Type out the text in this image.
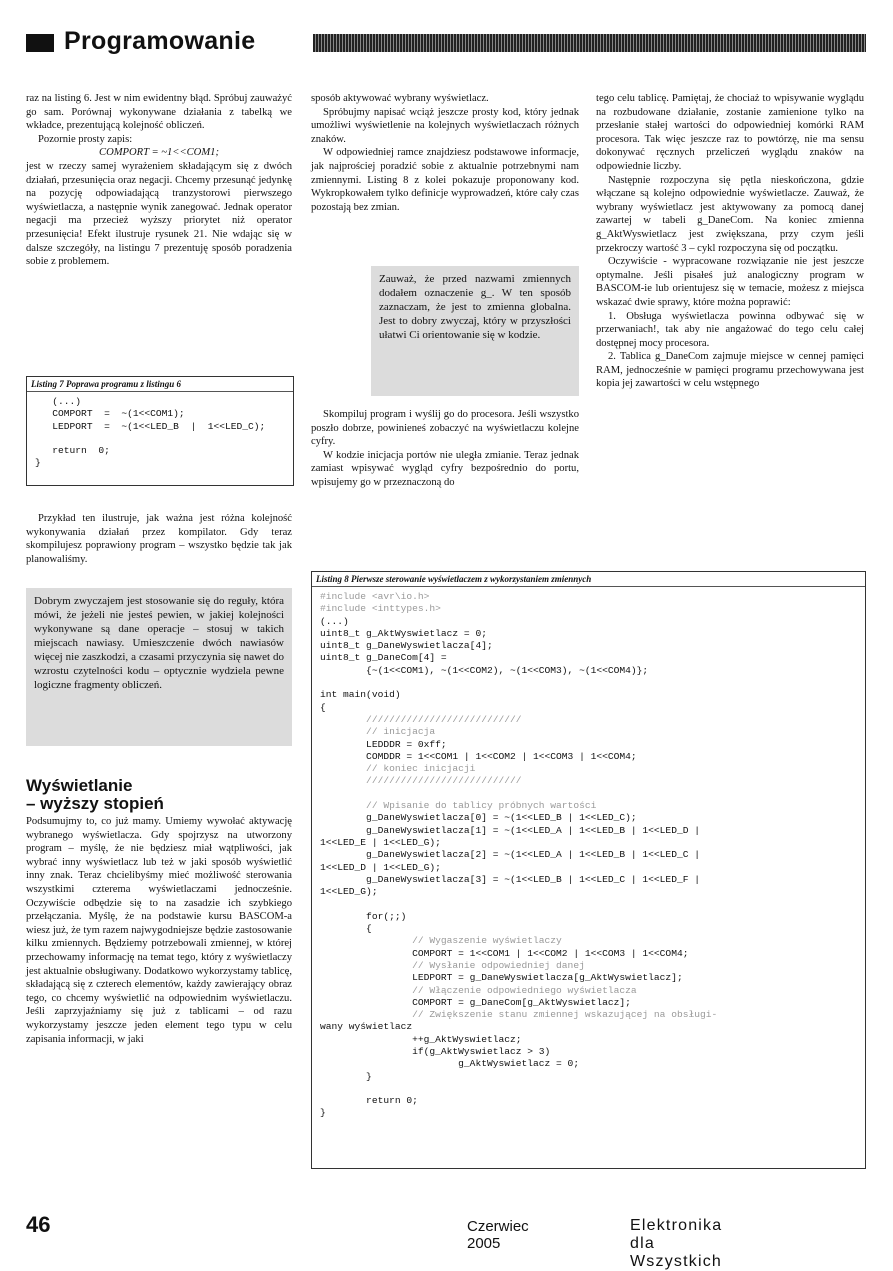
Programowanie

raz na listing 6. Jest w nim ewidentny błąd. Spróbuj zauważyć go sam. Porównaj wykonywane działania z tabelką we wkładce, prezentującą kolejność obliczeń.

Pozornie prosty zapis:

COMPORT = ~1<<COM1;

jest w rzeczy samej wyrażeniem składającym się z dwóch działań, przesunięcia oraz negacji. Chcemy przesunąć jedynkę na pozycję odpowiadającą tranzystorowi pierwszego wyświetlacza, a następnie wynik zanegować. Jednak operator negacji ma przecież wyższy priorytet niż operator przesunięcia! Efekt ilustruje rysunek 21. Nie wdając się w dalsze szczegóły, na listingu 7 prezentuję sposób poradzenia sobie z problemem.

Listing 7 Poprawa programu z listingu 6
(...)
COMPORT  =  ~(1<<COM1);
LEDPORT  =  ~(1<<LED_B  |  1<<LED_C);

return  0;
}

Przykład ten ilustruje, jak ważna jest różna kolejność wykonywania działań przez kompilator. Gdy teraz skompilujesz poprawiony program – wszystko będzie tak jak planowaliśmy.

Dobrym zwyczajem jest stosowanie się do reguły, która mówi, że jeżeli nie jesteś pewien, w jakiej kolejności wykonywane są dane operacje – stosuj w takich miejscach nawiasy. Umieszczenie dwóch nawiasów więcej nie zaszkodzi, a czasami przyczynia się nawet do wzrostu czytelności kodu – optycznie wydziela pewne logiczne fragmenty obliczeń.
Wyświetlanie
– wyższy stopień

Podsumujmy to, co już mamy. Umiemy wywołać aktywację wybranego wyświetlacza. Gdy spojrzysz na utworzony program – myślę, że nie będziesz miał wątpliwości, jak wybrać inny wyświetlacz lub też w jaki sposób wyświetlić inny znak. Teraz chcielibyśmy mieć możliwość sterowania wszystkimi czterema wyświetlaczami jednocześnie. Oczywiście odbędzie się to na zasadzie ich szybkiego przełączania. Myślę, że na podstawie kursu BASCOM-a wiesz już, że tym razem najwygodniejsze będzie zastosowanie kilku zmiennych. Będziemy potrzebowali zmiennej, w której przechowamy informację na temat tego, który z wyświetlaczy jest aktualnie obsługiwany. Dodatkowo wykorzystamy tablicę, składającą się z czterech elementów, każdy zawierający obraz tego, co chcemy wyświetlić na odpowiednim wyświetlaczu. Jeśli zaprzyjaźniamy się już z tablicami – od razu wykorzystamy jeszcze jeden element tego typu w celu zapisania informacji, w jaki

sposób aktywować wybrany wyświetlacz.

Spróbujmy napisać wciąż jeszcze prosty kod, który jednak umożliwi wyświetlenie na kolejnych wyświetlaczach różnych znaków.

W odpowiedniej ramce znajdziesz podstawowe informacje, jak najprościej poradzić sobie z aktualnie potrzebnymi nam zmiennymi. Listing 8 z kolei pokazuje proponowany kod. Wykropkowałem tylko definicje wyprowadzeń, które cały czas pozostają bez zmian.

Zauważ, że przed nazwami zmiennych dodałem oznaczenie g_. W ten sposób zaznaczam, że jest to zmienna globalna. Jest to dobry zwyczaj, który w przyszłości ułatwi Ci orientowanie się w kodzie.

Skompiluj program i wyślij go do procesora. Jeśli wszystko poszło dobrze, powinieneś zobaczyć na wyświetlaczu kolejne cyfry.

W kodzie inicjacja portów nie uległa zmianie. Teraz jednak zamiast wpisywać wygląd cyfry bezpośrednio do portu, wpisujemy go w przeznaczoną do

tego celu tablicę. Pamiętaj, że chociaż to wpisywanie wyglądu na rozbudowane działanie, zostanie zamienione tylko na przesłanie stałej wartości do odpowiedniej komórki RAM procesora. Tak więc jeszcze raz to powtórzę, nie ma sensu dokonywać ręcznych przeliczeń wyglądu znaków na odpowiednie liczby.

Następnie rozpoczyna się pętla nieskończona, gdzie włączane są kolejno odpowiednie wyświetlacze. Zauważ, że wybrany wyświetlacz jest aktywowany za pomocą danej zawartej w tabeli g_DaneCom. Na koniec zmienna g_AktWyswietlacz jest zwiększana, przy czym jeśli przekroczy wartość 3 – cykl rozpoczyna się od początku.

Oczywiście - wypracowane rozwiązanie nie jest jeszcze optymalne. Jeśli pisałeś już analogiczny program w BASCOM-ie lub orientujesz się w temacie, możesz z miejsca wskazać dwie sprawy, które można poprawić:

1. Obsługa wyświetlacza powinna odbywać się w przerwaniach!, tak aby nie angażować do tego celu całej dostępnej mocy procesora.

2. Tablica g_DaneCom zajmuje miejsce w cennej pamięci RAM, jednocześnie w pamięci programu przechowywana jest kopia jej zawartości w celu wstępnego

Listing 8 Pierwsze sterowanie wyświetlaczem z wykorzystaniem zmiennych
#include <avr\io.h>
#include <inttypes.h>
(...)
uint8_t g_AktWyswietlacz = 0;
uint8_t g_DaneWyswietlacza[4];
uint8_t g_DaneCom[4] =
{~(1<<COM1), ~(1<<COM2), ~(1<<COM3), ~(1<<COM4)};

int main(void)
{
///////////////////////////
// inicjacja
LEDDDR = 0xff;
COMDDR = 1<<COM1 | 1<<COM2 | 1<<COM3 | 1<<COM4;
// koniec inicjacji
///////////////////////////

// Wpisanie do tablicy próbnych wartości
g_DaneWyswietlacza[0] = ~(1<<LED_B | 1<<LED_C);
g_DaneWyswietlacza[1] = ~(1<<LED_A | 1<<LED_B | 1<<LED_D |
1<<LED_E | 1<<LED_G);
g_DaneWyswietlacza[2] = ~(1<<LED_A | 1<<LED_B | 1<<LED_C |
1<<LED_D | 1<<LED_G);
g_DaneWyswietlacza[3] = ~(1<<LED_B | 1<<LED_C | 1<<LED_F |
1<<LED_G);

for(;;)
{
// Wygaszenie wyświetlaczy
COMPORT = 1<<COM1 | 1<<COM2 | 1<<COM3 | 1<<COM4;
// Wysłanie odpowiedniej danej
LEDPORT = g_DaneWyswietlacza[g_AktWyswietlacz];
// Włączenie odpowiedniego wyświetlacza
COMPORT = g_DaneCom[g_AktWyswietlacz];
// Zwiększenie stanu zmiennej wskazującej na obsługi-
wany wyświetlacz
++g_AktWyswietlacz;
if(g_AktWyswietlacz > 3)
g_AktWyswietlacz = 0;
}

return 0;
}
46	Czerwiec 2005
Elektronika dla Wszystkich
